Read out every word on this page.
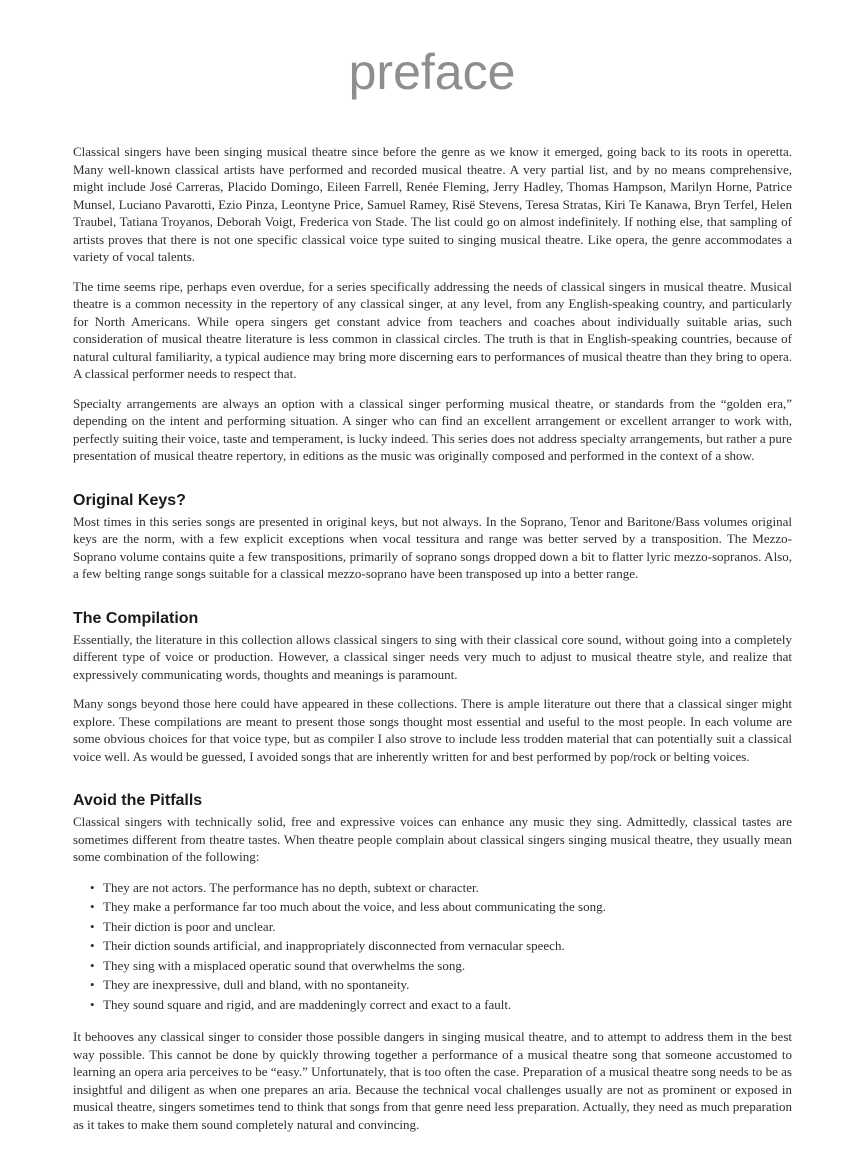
preface

Classical singers have been singing musical theatre since before the genre as we know it emerged, going back to its roots in operetta. Many well-known classical artists have performed and recorded musical theatre. A very partial list, and by no means comprehensive, might include José Carreras, Placido Domingo, Eileen Farrell, Renée Fleming, Jerry Hadley, Thomas Hampson, Marilyn Horne, Patrice Munsel, Luciano Pavarotti, Ezio Pinza, Leontyne Price, Samuel Ramey, Risë Stevens, Teresa Stratas, Kiri Te Kanawa, Bryn Terfel, Helen Traubel, Tatiana Troyanos, Deborah Voigt, Frederica von Stade. The list could go on almost indefinitely. If nothing else, that sampling of artists proves that there is not one specific classical voice type suited to singing musical theatre. Like opera, the genre accommodates a variety of vocal talents.

The time seems ripe, perhaps even overdue, for a series specifically addressing the needs of classical singers in musical theatre. Musical theatre is a common necessity in the repertory of any classical singer, at any level, from any English-speaking country, and particularly for North Americans. While opera singers get constant advice from teachers and coaches about individually suitable arias, such consideration of musical theatre literature is less common in classical circles. The truth is that in English-speaking countries, because of natural cultural familiarity, a typical audience may bring more discerning ears to performances of musical theatre than they bring to opera. A classical performer needs to respect that.

Specialty arrangements are always an option with a classical singer performing musical theatre, or standards from the “golden era,” depending on the intent and performing situation. A singer who can find an excellent arrangement or excellent arranger to work with, perfectly suiting their voice, taste and temperament, is lucky indeed. This series does not address specialty arrangements, but rather a pure presentation of musical theatre repertory, in editions as the music was originally composed and performed in the context of a show.

Original Keys?

Most times in this series songs are presented in original keys, but not always. In the Soprano, Tenor and Baritone/Bass volumes original keys are the norm, with a few explicit exceptions when vocal tessitura and range was better served by a transposition. The Mezzo-Soprano volume contains quite a few transpositions, primarily of soprano songs dropped down a bit to flatter lyric mezzo-sopranos. Also, a few belting range songs suitable for a classical mezzo-soprano have been transposed up into a better range.

The Compilation

Essentially, the literature in this collection allows classical singers to sing with their classical core sound, without going into a completely different type of voice or production. However, a classical singer needs very much to adjust to musical theatre style, and realize that expressively communicating words, thoughts and meanings is paramount.

Many songs beyond those here could have appeared in these collections. There is ample literature out there that a classical singer might explore. These compilations are meant to present those songs thought most essential and useful to the most people. In each volume are some obvious choices for that voice type, but as compiler I also strove to include less trodden material that can potentially suit a classical voice well. As would be guessed, I avoided songs that are inherently written for and best performed by pop/rock or belting voices.

Avoid the Pitfalls

Classical singers with technically solid, free and expressive voices can enhance any music they sing. Admittedly, classical tastes are sometimes different from theatre tastes. When theatre people complain about classical singers singing musical theatre, they usually mean some combination of the following:

• They are not actors. The performance has no depth, subtext or character.
• They make a performance far too much about the voice, and less about communicating the song.
• Their diction is poor and unclear.
• Their diction sounds artificial, and inappropriately disconnected from vernacular speech.
• They sing with a misplaced operatic sound that overwhelms the song.
• They are inexpressive, dull and bland, with no spontaneity.
• They sound square and rigid, and are maddeningly correct and exact to a fault.

It behooves any classical singer to consider those possible dangers in singing musical theatre, and to attempt to address them in the best way possible. This cannot be done by quickly throwing together a performance of a musical theatre song that someone accustomed to learning an opera aria perceives to be “easy.” Unfortunately, that is too often the case. Preparation of a musical theatre song needs to be as insightful and diligent as when one prepares an aria. Because the technical vocal challenges usually are not as prominent or exposed in musical theatre, singers sometimes tend to think that songs from that genre need less preparation. Actually, they need as much preparation as it takes to make them sound completely natural and convincing.
